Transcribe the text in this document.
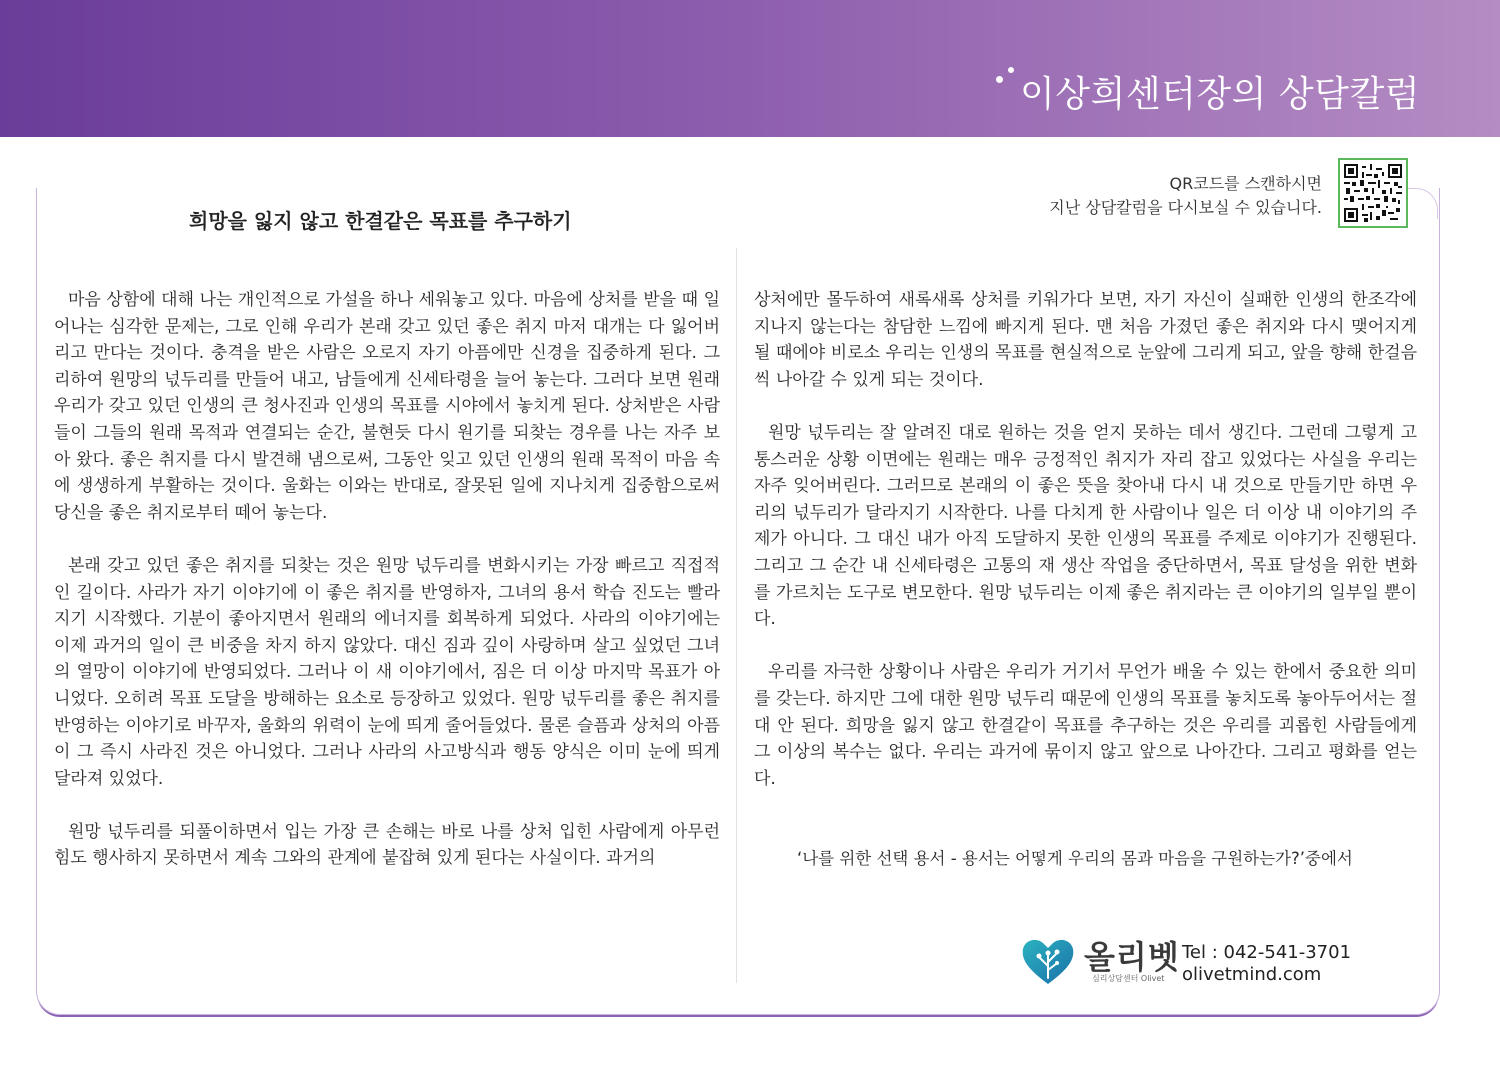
이상희센터장의 상담칼럼
QR코드를 스캔하시면
지난 상담칼럼을 다시보실 수 있습니다.
희망을 잃지 않고 한결같은 목표를 추구하기

마음 상함에 대해 나는 개인적으로 가설을 하나 세워놓고 있다. 마음에 상처를 받을 때 일어나는 심각한 문제는, 그로 인해 우리가 본래 갖고 있던 좋은 취지 마저 대개는 다 잃어버리고 만다는 것이다. 충격을 받은 사람은 오로지 자기 아픔에만 신경을 집중하게 된다. 그리하여 원망의 넋두리를 만들어 내고, 남들에게 신세타령을 늘어 놓는다. 그러다 보면 원래 우리가 갖고 있던 인생의 큰 청사진과 인생의 목표를 시야에서 놓치게 된다. 상처받은 사람들이 그들의 원래 목적과 연결되는 순간, 불현듯 다시 원기를 되찾는 경우를 나는 자주 보아 왔다. 좋은 취지를 다시 발견해 냄으로써, 그동안 잊고 있던 인생의 원래 목적이 마음 속에 생생하게 부활하는 것이다. 울화는 이와는 반대로, 잘못된 일에 지나치게 집중함으로써 당신을 좋은 취지로부터 떼어 놓는다.

본래 갖고 있던 좋은 취지를 되찾는 것은 원망 넋두리를 변화시키는 가장 빠르고 직접적인 길이다. 사라가 자기 이야기에 이 좋은 취지를 반영하자, 그녀의 용서 학습 진도는 빨라지기 시작했다. 기분이 좋아지면서 원래의 에너지를 회복하게 되었다. 사라의 이야기에는 이제 과거의 일이 큰 비중을 차지 하지 않았다. 대신 짐과 깊이 사랑하며 살고 싶었던 그녀의 열망이 이야기에 반영되었다. 그러나 이 새 이야기에서, 짐은 더 이상 마지막 목표가 아니었다. 오히려 목표 도달을 방해하는 요소로 등장하고 있었다. 원망 넋두리를 좋은 취지를 반영하는 이야기로 바꾸자, 울화의 위력이 눈에 띄게 줄어들었다. 물론 슬픔과 상처의 아픔이 그 즉시 사라진 것은 아니었다. 그러나 사라의 사고방식과 행동 양식은 이미 눈에 띄게 달라져 있었다.

원망 넋두리를 되풀이하면서 입는 가장 큰 손해는 바로 나를 상처 입힌 사람에게 아무런 힘도 행사하지 못하면서 계속 그와의 관계에 붙잡혀 있게 된다는 사실이다. 과거의

상처에만 몰두하여 새록새록 상처를 키워가다 보면, 자기 자신이 실패한 인생의 한조각에 지나지 않는다는 참담한 느낌에 빠지게 된다. 맨 처음 가졌던 좋은 취지와 다시 맺어지게 될 때에야 비로소 우리는 인생의 목표를 현실적으로 눈앞에 그리게 되고, 앞을 향해 한걸음씩 나아갈 수 있게 되는 것이다.

원망 넋두리는 잘 알려진 대로 원하는 것을 얻지 못하는 데서 생긴다. 그런데 그렇게 고통스러운 상황 이면에는 원래는 매우 긍정적인 취지가 자리 잡고 있었다는 사실을 우리는 자주 잊어버린다. 그러므로 본래의 이 좋은 뜻을 찾아내 다시 내 것으로 만들기만 하면 우리의 넋두리가 달라지기 시작한다. 나를 다치게 한 사람이나 일은 더 이상 내 이야기의 주제가 아니다. 그 대신 내가 아직 도달하지 못한 인생의 목표를 주제로 이야기가 진행된다. 그리고 그 순간 내 신세타령은 고통의 재 생산 작업을 중단하면서, 목표 달성을 위한 변화를 가르치는 도구로 변모한다. 원망 넋두리는 이제 좋은 취지라는 큰 이야기의 일부일 뿐이다.

우리를 자극한 상황이나 사람은 우리가 거기서 무언가 배울 수 있는 한에서 중요한 의미를 갖는다. 하지만 그에 대한 원망 넋두리 때문에 인생의 목표를 놓치도록 놓아두어서는 절대 안 된다. 희망을 잃지 않고 한결같이 목표를 추구하는 것은 우리를 괴롭힌 사람들에게 그 이상의 복수는 없다. 우리는 과거에 묶이지 않고 앞으로 나아간다. 그리고 평화를 얻는다.

‘나를 위한 선택 용서 - 용서는 어떻게 우리의 몸과 마음을 구원하는가?’중에서
올리벳
심리상담센터 Olivet
Tel : 042-541-3701
olivetmind.com
